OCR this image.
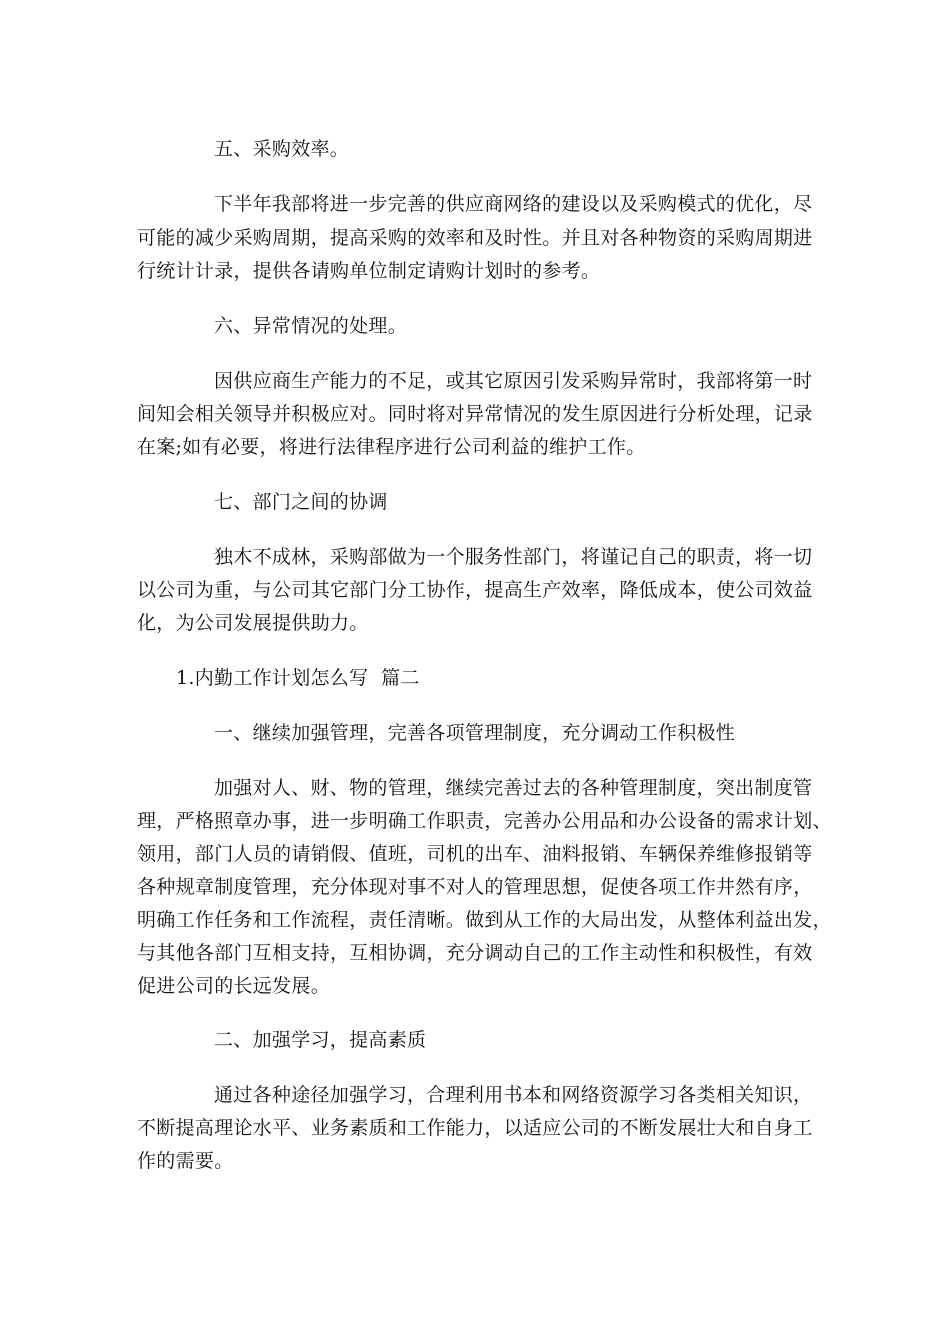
五、采购效率。
下半年我部将进一步完善的供应商网络的建设以及采购模式的优化，尽
可能的减少采购周期，提高采购的效率和及时性。并且对各种物资的采购周期进
行统计计录，提供各请购单位制定请购计划时的参考。
六、异常情况的处理。
因供应商生产能力的不足，或其它原因引发采购异常时，我部将第一时
间知会相关领导并积极应对。同时将对异常情况的发生原因进行分析处理，记录
在案;如有必要，将进行法律程序进行公司利益的维护工作。
七、部门之间的协调
独木不成林，采购部做为一个服务性部门，将谨记自己的职责，将一切
以公司为重，与公司其它部门分工协作，提高生产效率，降低成本，使公司效益
化，为公司发展提供助力。
1.内勤工作计划怎么写  篇二
一、继续加强管理，完善各项管理制度，充分调动工作积极性
加强对人、财、物的管理，继续完善过去的各种管理制度，突出制度管
理，严格照章办事，进一步明确工作职责，完善办公用品和办公设备的需求计划、
领用，部门人员的请销假、值班，司机的出车、油料报销、车辆保养维修报销等
各种规章制度管理，充分体现对事不对人的管理思想，促使各项工作井然有序，
明确工作任务和工作流程，责任清晰。做到从工作的大局出发，从整体利益出发，
与其他各部门互相支持，互相协调，充分调动自己的工作主动性和积极性，有效
促进公司的长远发展。
二、加强学习，提高素质
通过各种途径加强学习，合理利用书本和网络资源学习各类相关知识，
不断提高理论水平、业务素质和工作能力，以适应公司的不断发展壮大和自身工
作的需要。
